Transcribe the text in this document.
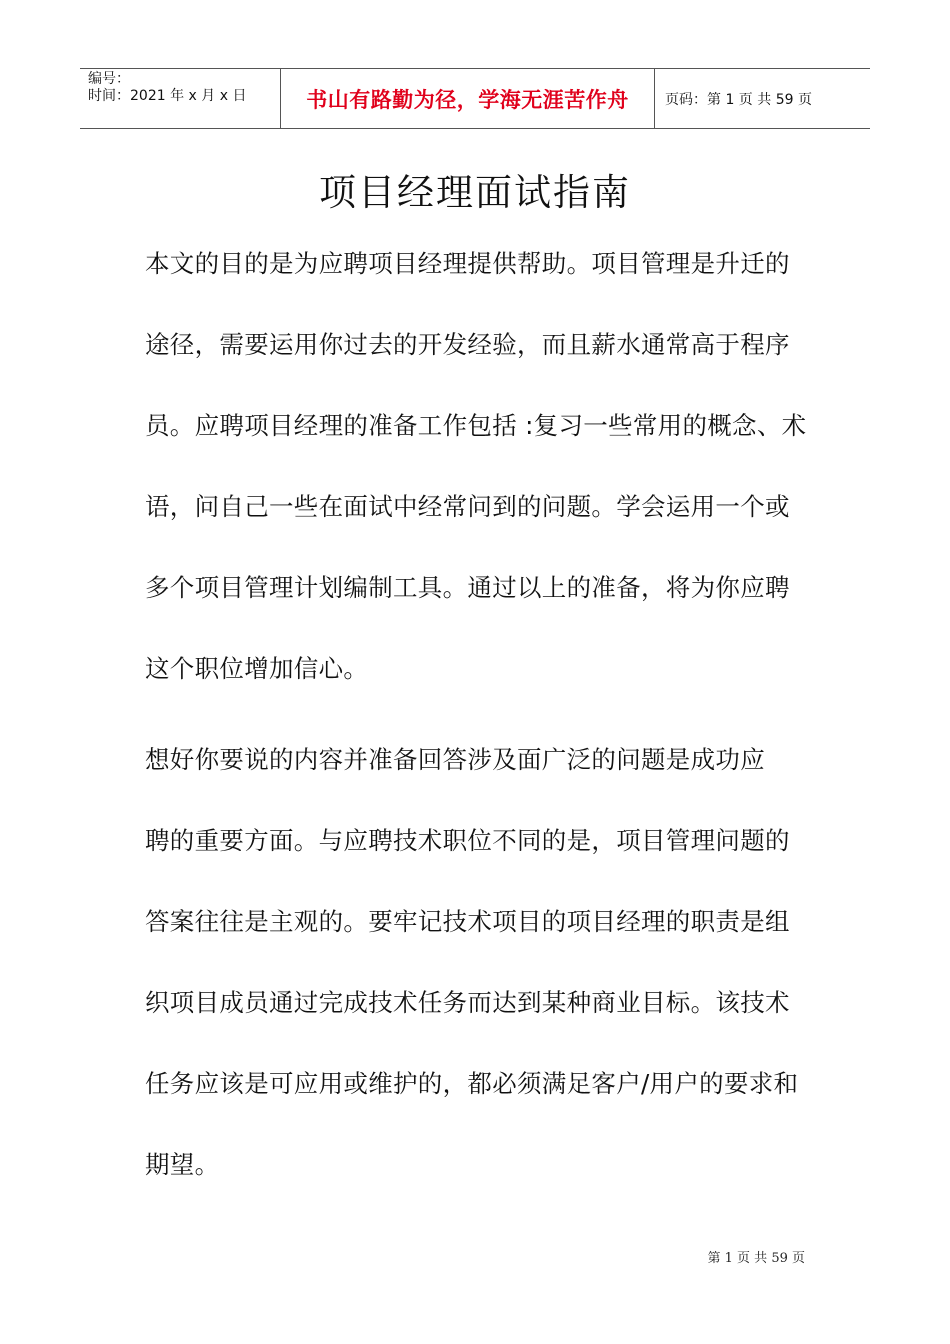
编号：
时间：2021 年 x 月 x 日	书山有路勤为径，学海无涯苦作舟	页码：第 1 页 共 59 页
项目经理面试指南
本文的目的是为应聘项目经理提供帮助。项目管理是升迁的
途径，需要运用你过去的开发经验，而且薪水通常高于程序
员。应聘项目经理的准备工作包括 :复习一些常用的概念、术
语，问自己一些在面试中经常问到的问题。学会运用一个或
多个项目管理计划编制工具。通过以上的准备，将为你应聘
这个职位增加信心。
想好你要说的内容并准备回答涉及面广泛的问题是成功应
聘的重要方面。与应聘技术职位不同的是，项目管理问题的
答案往往是主观的。要牢记技术项目的项目经理的职责是组
织项目成员通过完成技术任务而达到某种商业目标。该技术
任务应该是可应用或维护的，都必须满足客户/用户的要求和
期望。
第 1 页 共 59 页
